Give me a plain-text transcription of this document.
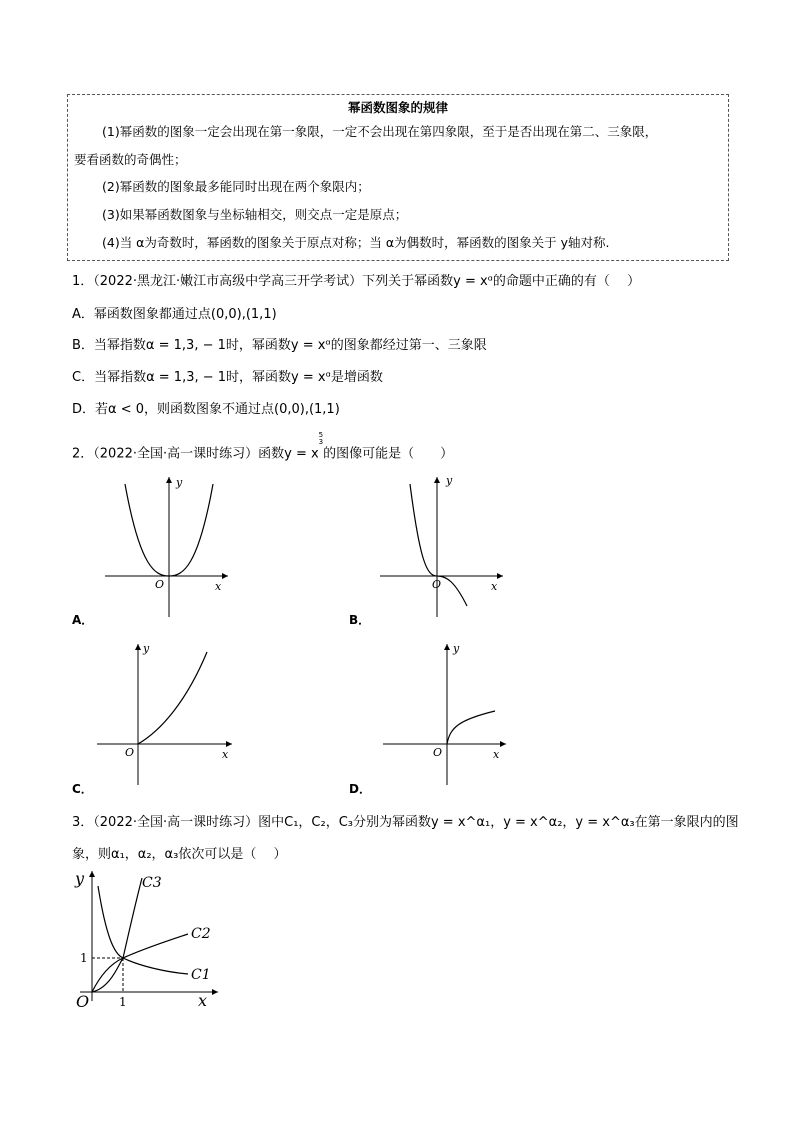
幂函数图象的规律
(1)幂函数的图象一定会出现在第一象限，一定不会出现在第四象限，至于是否出现在第二、三象限，
要看函数的奇偶性；
(2)幂函数的图象最多能同时出现在两个象限内；
(3)如果幂函数图象与坐标轴相交，则交点一定是原点；
(4)当 α为奇数时，幂函数的图象关于原点对称；当 α为偶数时，幂函数的图象关于 y轴对称.
1．（2022·黑龙江·嫩江市高级中学高三开学考试）下列关于幂函数y = xᵅ的命题中正确的有（　 ）
A．幂函数图象都通过点(0,0),(1,1)
B．当幂指数α = 1,3, − 1时，幂函数y = xᵅ的图象都经过第一、三象限
C．当幂指数α = 1,3, − 1时，幂函数y = xᵅ是增函数
D．若α < 0，则函数图象不通过点(0,0),(1,1)
2．（2022·全国·高一课时练习）函数$y = x^{5 3}$的图像可能是（　　）
O
y
x
A．
O
y
x
B．
O
y
x
C．
O
y
x
D．
3．（2022·全国·高一课时练习）图中C₁，C₂，C₃分别为幂函数y = x^α₁，y = x^α₂，y = x^α₃在第一象限内的图
象，则α₁，α₂，α₃依次可以是（　 ）
y
x
O 1
1
C3
C2
C1
